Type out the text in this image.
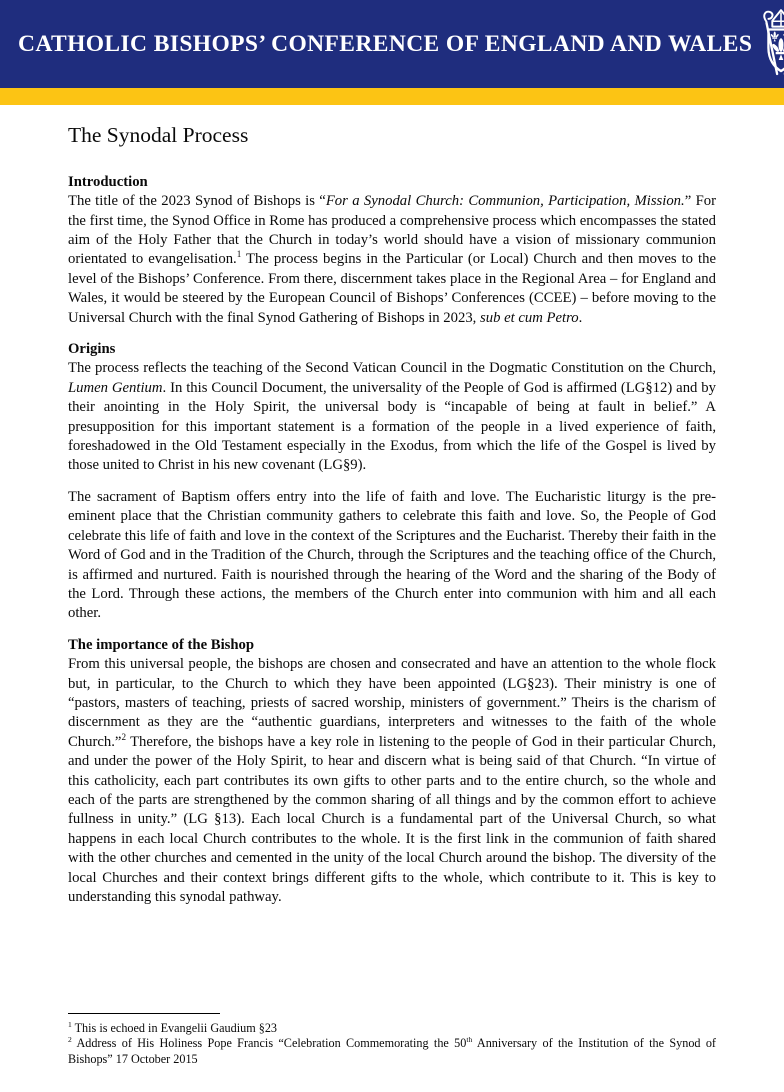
CATHOLIC BISHOPS’ CONFERENCE OF ENGLAND AND WALES
The Synodal Process
Introduction

The title of the 2023 Synod of Bishops is “For a Synodal Church: Communion, Participation, Mission.” For the first time, the Synod Office in Rome has produced a comprehensive process which encompasses the stated aim of the Holy Father that the Church in today’s world should have a vision of missionary communion orientated to evangelisation.$^1$ The process begins in the Particular (or Local) Church and then moves to the level of the Bishops’ Conference. From there, discernment takes place in the Regional Area – for England and Wales, it would be steered by the European Council of Bishops’ Conferences (CCEE) – before moving to the Universal Church with the final Synod Gathering of Bishops in 2023, sub et cum Petro.

Origins

The process reflects the teaching of the Second Vatican Council in the Dogmatic Constitution on the Church, Lumen Gentium. In this Council Document, the universality of the People of God is affirmed (LG§12) and by their anointing in the Holy Spirit, the universal body is “incapable of being at fault in belief.” A presupposition for this important statement is a formation of the people in a lived experience of faith, foreshadowed in the Old Testament especially in the Exodus, from which the life of the Gospel is lived by those united to Christ in his new covenant (LG§9).

The sacrament of Baptism offers entry into the life of faith and love. The Eucharistic liturgy is the pre-eminent place that the Christian community gathers to celebrate this faith and love. So, the People of God celebrate this life of faith and love in the context of the Scriptures and the Eucharist. Thereby their faith in the Word of God and in the Tradition of the Church, through the Scriptures and the teaching office of the Church, is affirmed and nurtured. Faith is nourished through the hearing of the Word and the sharing of the Body of the Lord. Through these actions, the members of the Church enter into communion with him and all each other.

The importance of the Bishop

From this universal people, the bishops are chosen and consecrated and have an attention to the whole flock but, in particular, to the Church to which they have been appointed (LG§23). Their ministry is one of “pastors, masters of teaching, priests of sacred worship, ministers of government.” Theirs is the charism of discernment as they are the “authentic guardians, interpreters and witnesses to the faith of the whole Church.”$^2$ Therefore, the bishops have a key role in listening to the people of God in their particular Church, and under the power of the Holy Spirit, to hear and discern what is being said of that Church. “In virtue of this catholicity, each part contributes its own gifts to other parts and to the entire church, so the whole and each of the parts are strengthened by the common sharing of all things and by the common effort to achieve fullness in unity.” (LG §13). Each local Church is a fundamental part of the Universal Church, so what happens in each local Church contributes to the whole. It is the first link in the communion of faith shared with the other churches and cemented in the unity of the local Church around the bishop. The diversity of the local Churches and their context brings different gifts to the whole, which contribute to it. This is key to understanding this synodal pathway.

$^1$ This is echoed in Evangelii Gaudium §23

$^2$ Address of His Holiness Pope Francis “Celebration Commemorating the 50th Anniversary of the Institution of the Synod of Bishops” 17 October 2015
